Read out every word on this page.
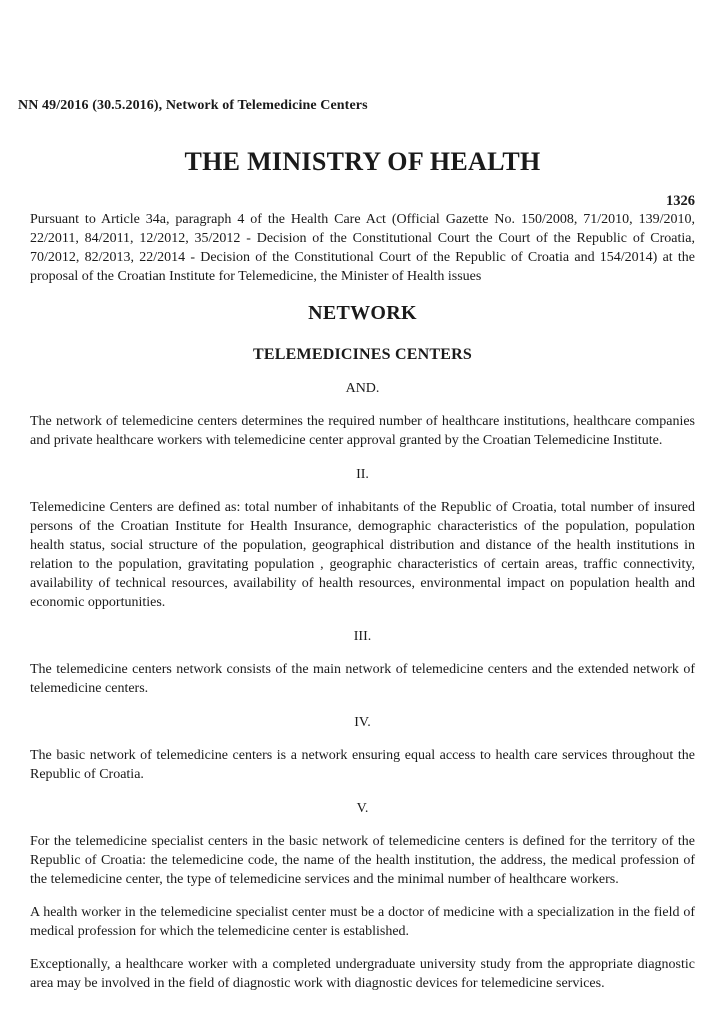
NN 49/2016 (30.5.2016), Network of Telemedicine Centers
THE MINISTRY OF HEALTH
1326

Pursuant to Article 34a, paragraph 4 of the Health Care Act (Official Gazette No. 150/2008, 71/2010, 139/2010, 22/2011, 84/2011, 12/2012, 35/2012 - Decision of the Constitutional Court the Court of the Republic of Croatia, 70/2012, 82/2013, 22/2014 - Decision of the Constitutional Court of the Republic of Croatia and 154/2014) at the proposal of the Croatian Institute for Telemedicine, the Minister of Health issues

NETWORK
TELEMEDICINES CENTERS
AND.

The network of telemedicine centers determines the required number of healthcare institutions, healthcare companies and private healthcare workers with telemedicine center approval granted by the Croatian Telemedicine Institute.

II.

Telemedicine Centers are defined as: total number of inhabitants of the Republic of Croatia, total number of insured persons of the Croatian Institute for Health Insurance, demographic characteristics of the population, population health status, social structure of the population, geographical distribution and distance of the health institutions in relation to the population, gravitating population , geographic characteristics of certain areas, traffic connectivity, availability of technical resources, availability of health resources, environmental impact on population health and economic opportunities.

III.

The telemedicine centers network consists of the main network of telemedicine centers and the extended network of telemedicine centers.

IV.

The basic network of telemedicine centers is a network ensuring equal access to health care services throughout the Republic of Croatia.

V.

For the telemedicine specialist centers in the basic network of telemedicine centers is defined for the territory of the Republic of Croatia: the telemedicine code, the name of the health institution, the address, the medical profession of the telemedicine center, the type of telemedicine services and the minimal number of healthcare workers.

A health worker in the telemedicine specialist center must be a doctor of medicine with a specialization in the field of medical profession for which the telemedicine center is established.

Exceptionally, a healthcare worker with a completed undergraduate university study from the appropriate diagnostic area may be involved in the field of diagnostic work with diagnostic devices for telemedicine services.
